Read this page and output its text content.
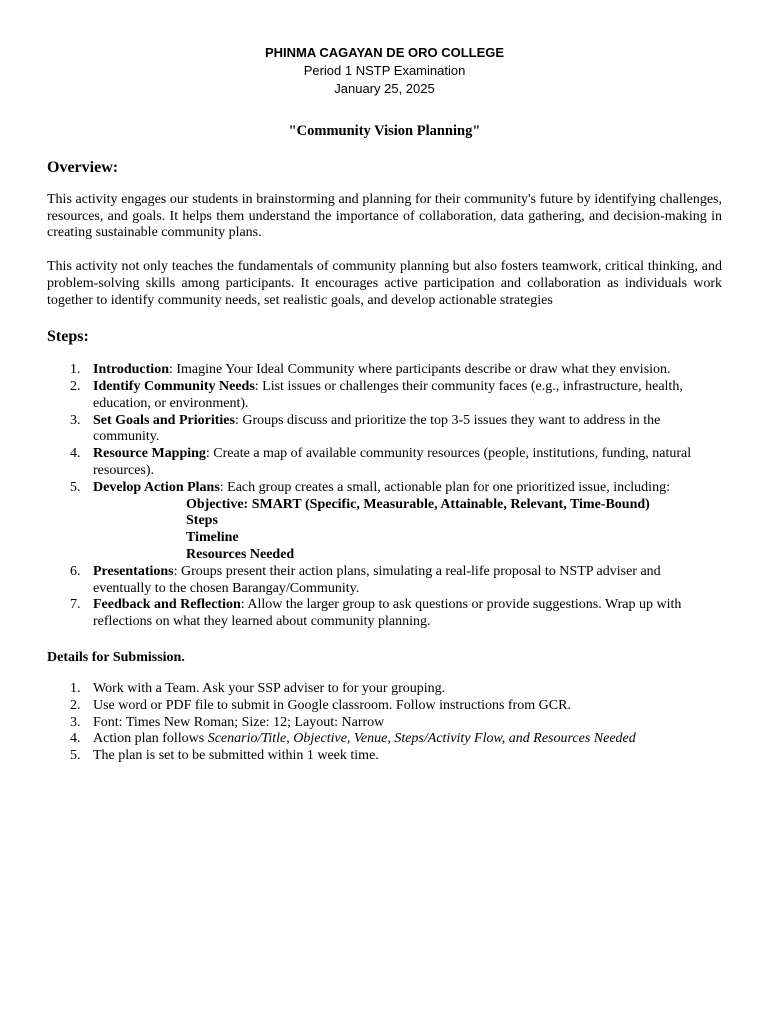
PHINMA CAGAYAN DE ORO COLLEGE
Period 1 NSTP Examination
January 25, 2025
"Community Vision Planning"
Overview:

This activity engages our students in brainstorming and planning for their community's future by identifying challenges, resources, and goals. It helps them understand the importance of collaboration, data gathering, and decision-making in creating sustainable community plans.

This activity not only teaches the fundamentals of community planning but also fosters teamwork, critical thinking, and problem-solving skills among participants. It encourages active participation and collaboration as individuals work together to identify community needs, set realistic goals, and develop actionable strategies

Steps:
1. Introduction: Imagine Your Ideal Community where participants describe or draw what they envision.
2. Identify Community Needs: List issues or challenges their community faces (e.g., infrastructure, health, education, or environment).
3. Set Goals and Priorities: Groups discuss and prioritize the top 3-5 issues they want to address in the community.
4. Resource Mapping: Create a map of available community resources (people, institutions, funding, natural resources).
5. Develop Action Plans: Each group creates a small, actionable plan for one prioritized issue, including:
Objective: SMART (Specific, Measurable, Attainable, Relevant, Time-Bound)
Steps
Timeline
Resources Needed
6. Presentations: Groups present their action plans, simulating a real-life proposal to NSTP adviser and eventually to the chosen Barangay/Community.
7. Feedback and Reflection: Allow the larger group to ask questions or provide suggestions. Wrap up with reflections on what they learned about community planning.
Details for Submission.
1. Work with a Team. Ask your SSP adviser to for your grouping.
2. Use word or PDF file to submit in Google classroom. Follow instructions from GCR.
3. Font: Times New Roman; Size: 12; Layout: Narrow
4. Action plan follows Scenario/Title, Objective, Venue, Steps/Activity Flow, and Resources Needed
5. The plan is set to be submitted within 1 week time.
